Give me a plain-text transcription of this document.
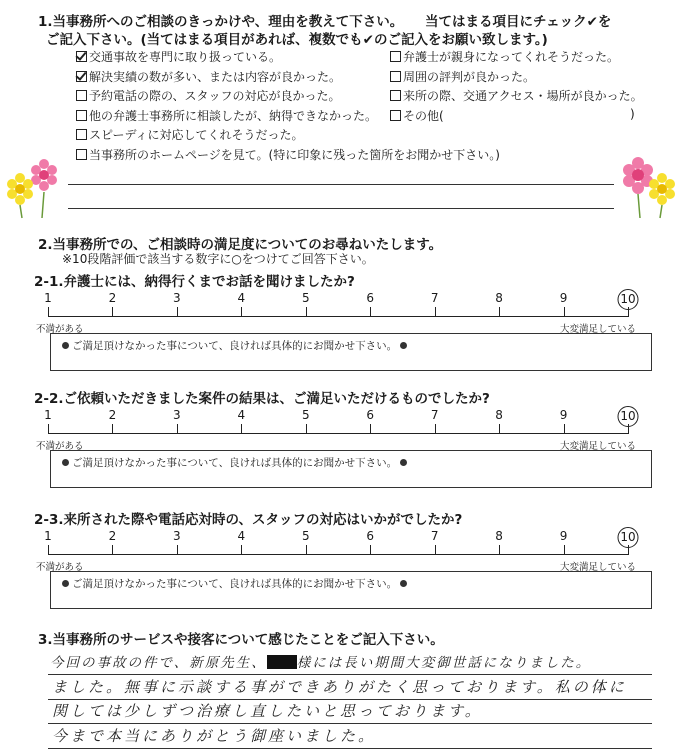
1.当事務所へのご相談のきっかけや、理由を教えて下さい。 当てはまる項目にチェック✔を
ご記入下さい。(当てはまる項目があれば、複数でも✔のご記入をお願い致します。)
交通事故を専門に取り扱っている。
解決実績の数が多い、または内容が良かった。
予約電話の際の、スタッフの対応が良かった。
他の弁護士事務所に相談したが、納得できなかった。
スピーディに対応してくれそうだった。
当事務所のホームページを見て。(特に印象に残った箇所をお聞かせ下さい。)
弁護士が親身になってくれそうだった。
周囲の評判が良かった。
来所の際、交通アクセス・場所が良かった。
その他(	)
2.当事務所での、ご相談時の満足度についてのお尋ねいたします。
※10段階評価で該当する数字に○をつけてご回答下さい。
2-1.弁護士には、納得行くまでお話を聞けましたか?
1	2	3	4	5	6	7	8	9	10
不満がある	大変満足している
ご満足頂けなかった事について、良ければ具体的にお聞かせ下さい。
2-2.ご依頼いただきました案件の結果は、ご満足いただけるものでしたか?
1	2	3	4	5	6	7	8	9	10
不満がある	大変満足している
ご満足頂けなかった事について、良ければ具体的にお聞かせ下さい。
2-3.来所された際や電話応対時の、スタッフの対応はいかがでしたか?
1	2	3	4	5	6	7	8	9	10
不満がある	大変満足している
ご満足頂けなかった事について、良ければ具体的にお聞かせ下さい。
3.当事務所のサービスや接客について感じたことをご記入下さい。
今回の事故の件で、新原先生、 様には長い期間大変御世話になりました。
ました。無事に示談する事ができありがたく思っております。私の体に
関しては少しずつ治療し直したいと思っております。
今まで本当にありがとう御座いました。
